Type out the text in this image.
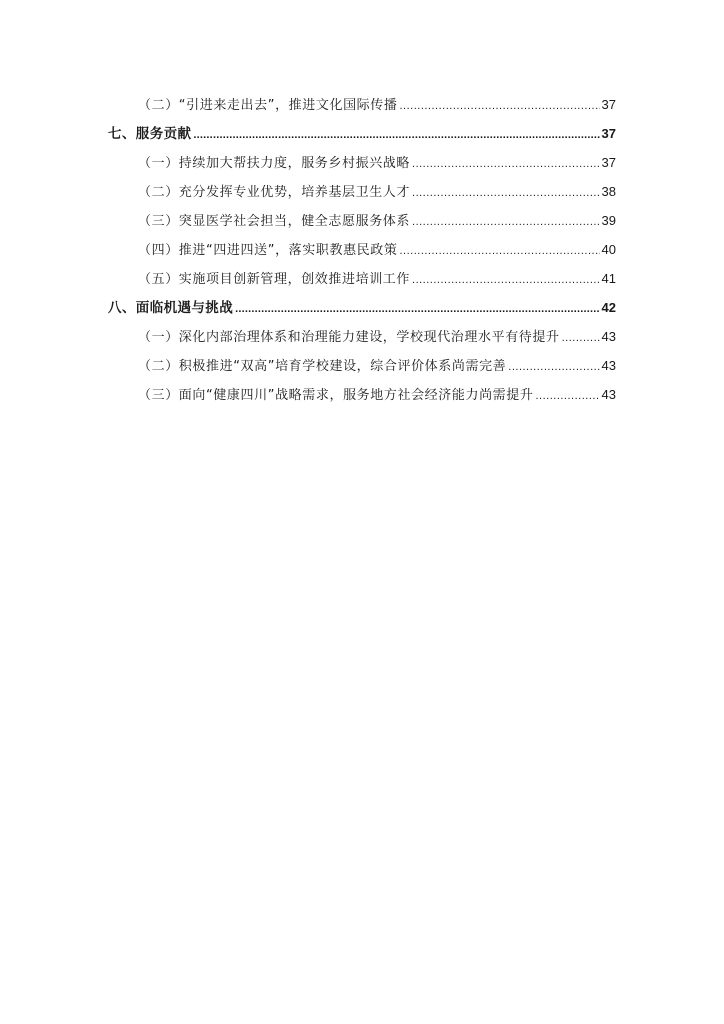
（二）“引进来走出去”，推进文化国际传播 .....	37
七、服务贡献 .....	37
（一）持续加大帮扶力度，服务乡村振兴战略 .....	37
（二）充分发挥专业优势，培养基层卫生人才 .....	38
（三）突显医学社会担当，健全志愿服务体系 .....	39
（四）推进“四进四送”，落实职教惠民政策 .....	40
（五）实施项目创新管理，创效推进培训工作 .....	41
八、面临机遇与挑战 .....	42
（一）深化内部治理体系和治理能力建设，学校现代治理水平有待提升 .....	43
（二）积极推进“双高”培育学校建设，综合评价体系尚需完善 .....	43
（三）面向“健康四川”战略需求，服务地方社会经济能力尚需提升 .....	43
